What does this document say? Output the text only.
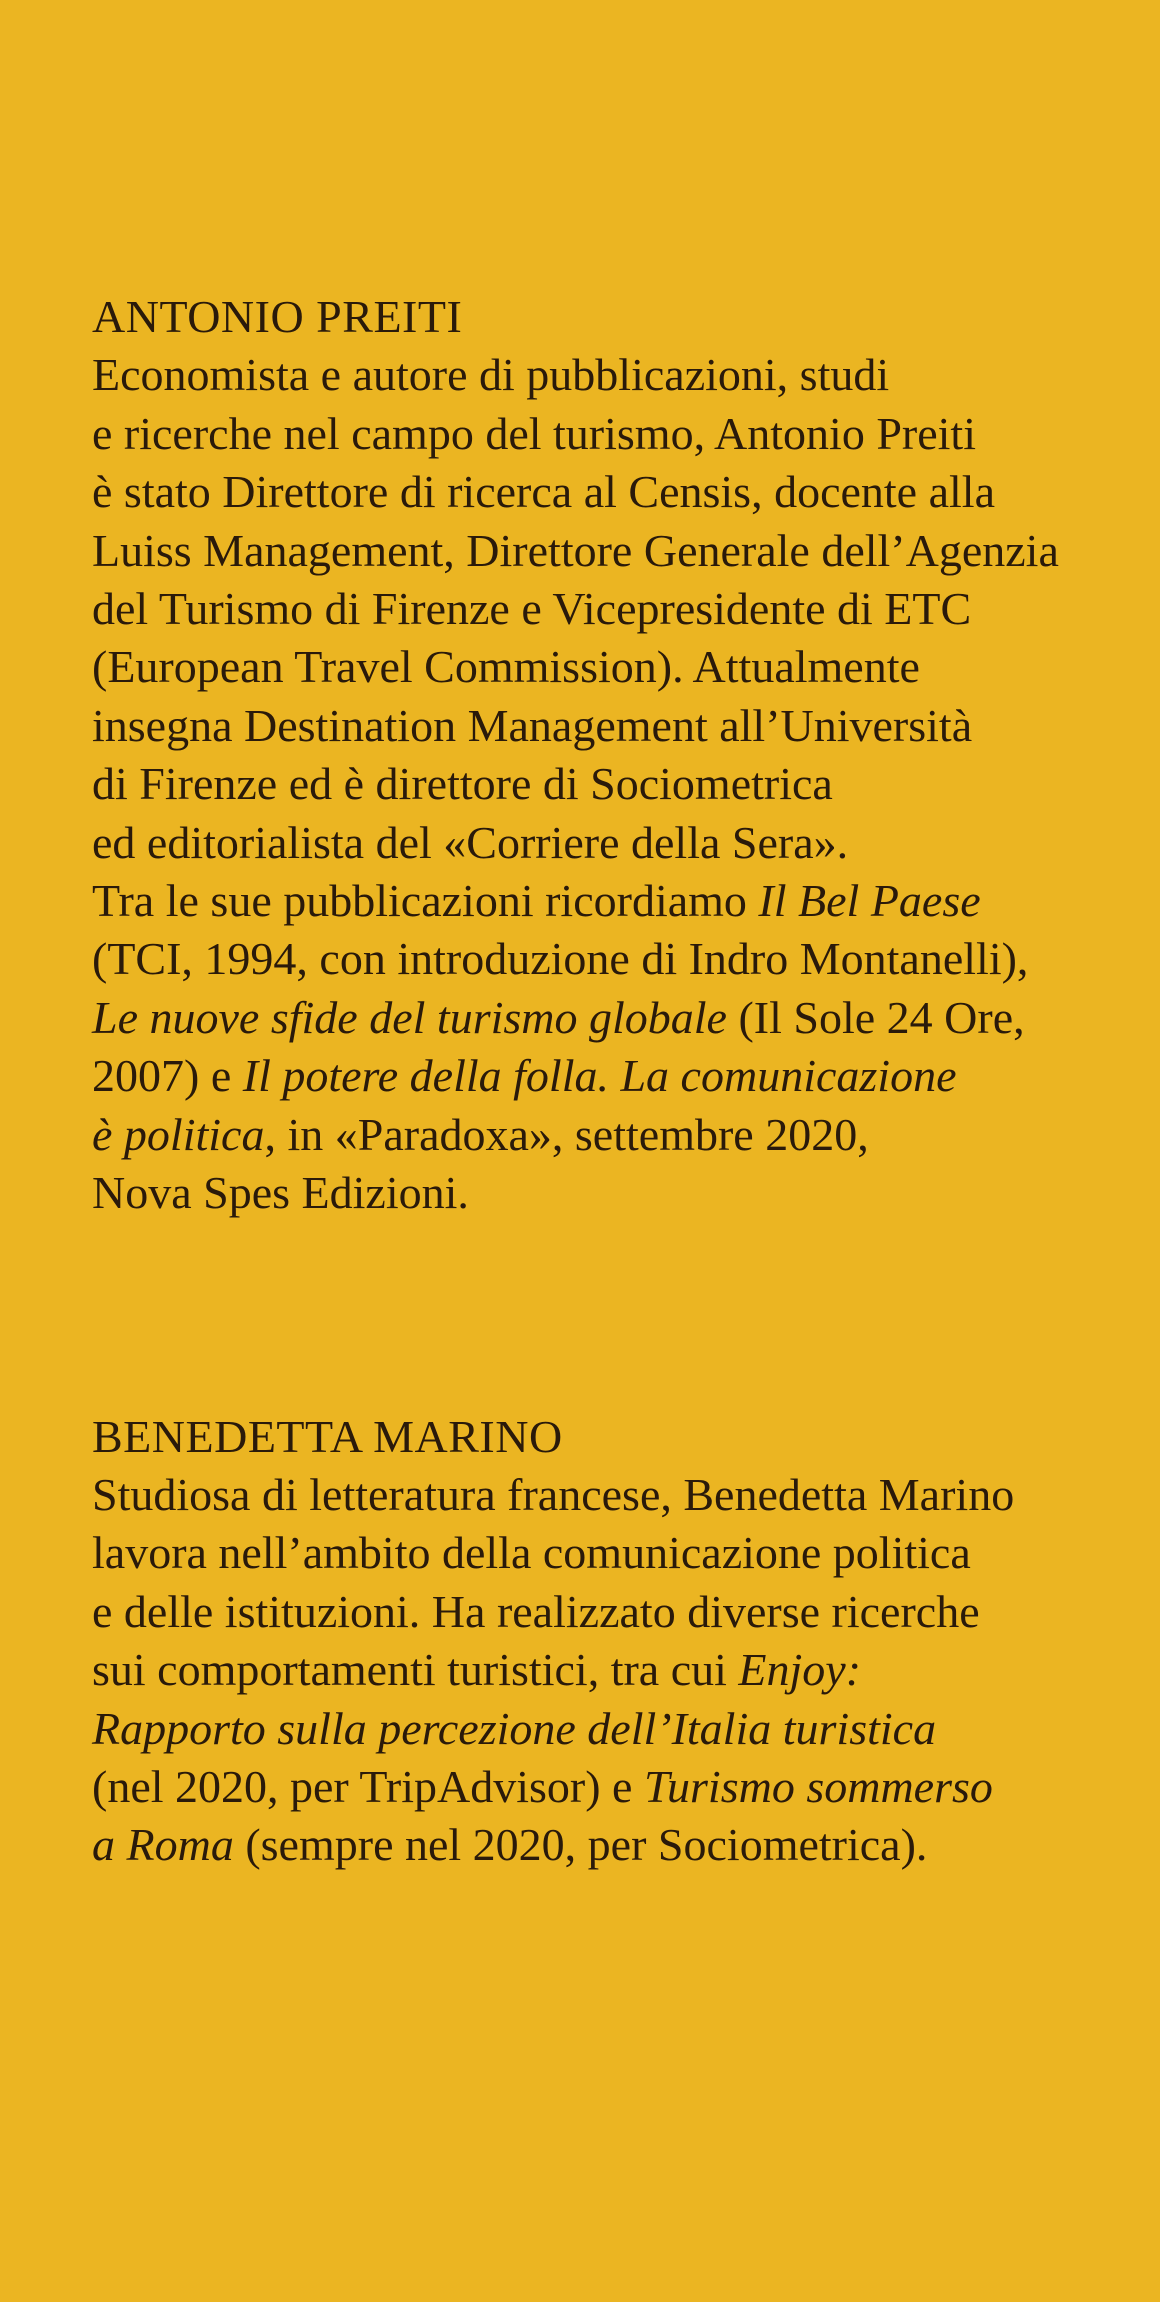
ANTONIO PREITI
Economista e autore di pubblicazioni, studi
e ricerche nel campo del turismo, Antonio Preiti
è stato Direttore di ricerca al Censis, docente alla
Luiss Management, Direttore Generale dell’Agenzia
del Turismo di Firenze e Vicepresidente di ETC
(European Travel Commission). Attualmente
insegna Destination Management all’Università
di Firenze ed è direttore di Sociometrica
ed editorialista del «Corriere della Sera».
Tra le sue pubblicazioni ricordiamo Il Bel Paese
(TCI, 1994, con introduzione di Indro Montanelli),
Le nuove sfide del turismo globale (Il Sole 24 Ore,
2007) e Il potere della folla. La comunicazione
è politica, in «Paradoxa», settembre 2020,
Nova Spes Edizioni.
BENEDETTA MARINO
Studiosa di letteratura francese, Benedetta Marino
lavora nell’ambito della comunicazione politica
e delle istituzioni. Ha realizzato diverse ricerche
sui comportamenti turistici, tra cui Enjoy:
Rapporto sulla percezione dell’Italia turistica
(nel 2020, per TripAdvisor) e Turismo sommerso
a Roma (sempre nel 2020, per Sociometrica).
